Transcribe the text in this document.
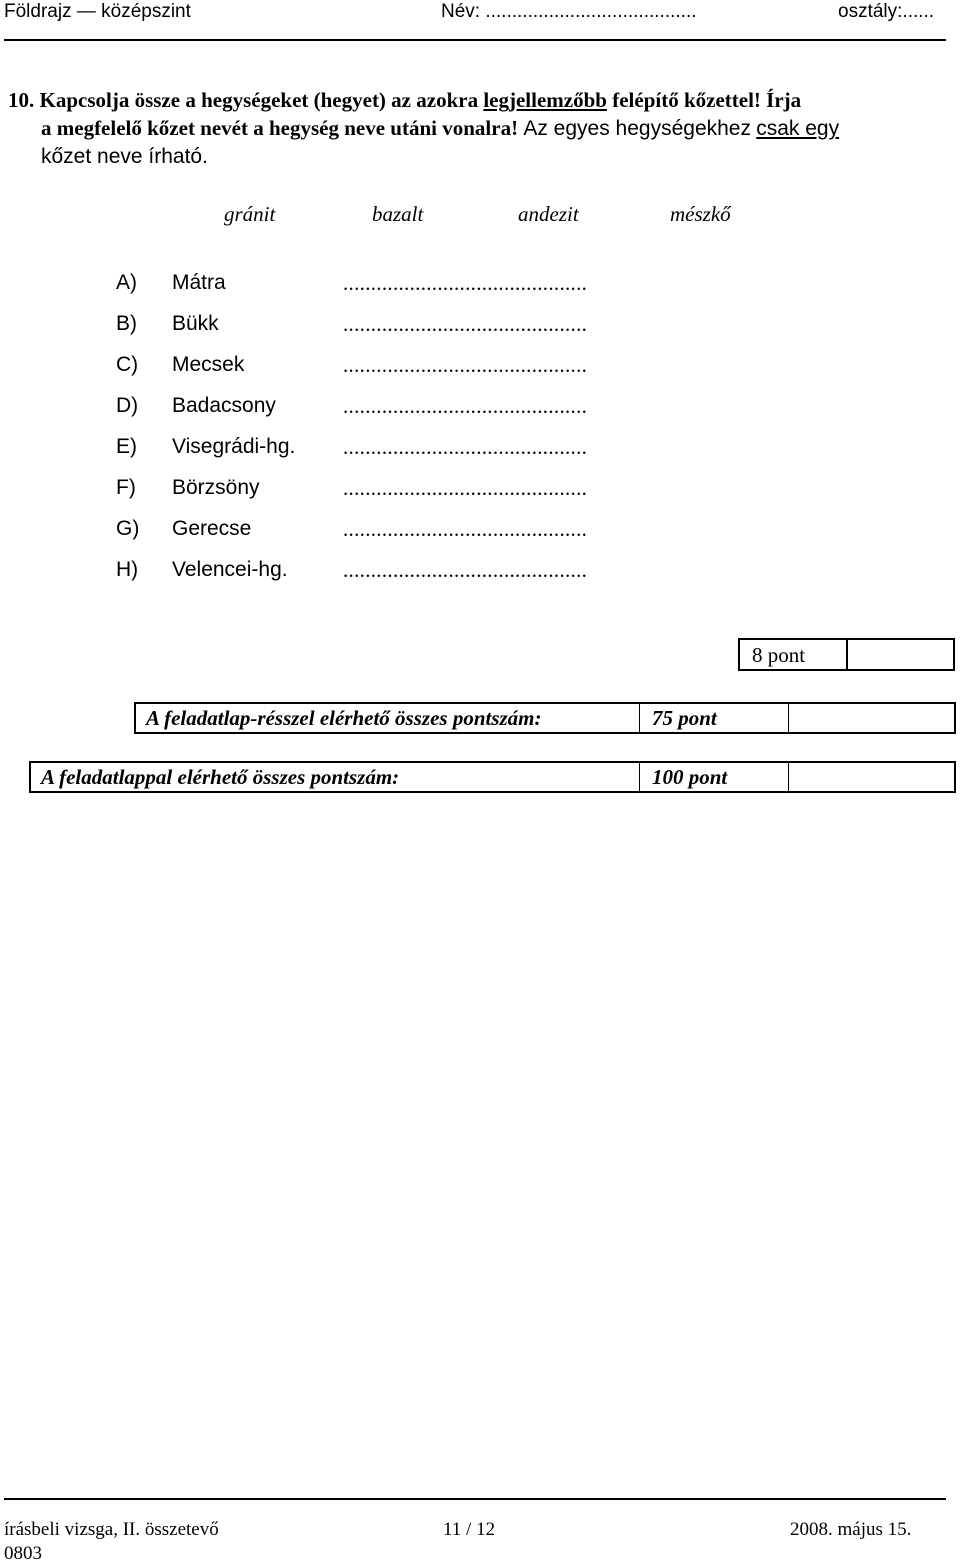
Földrajz — középszint	Név: ........................................	osztály:......

10. Kapcsolja össze a hegységeket (hegyet) az azokra legjellemzőbb felépítő kőzettel! Írja

a megfelelő kőzet nevét a hegység neve utáni vonalra! Az egyes hegységekhez csak egy

kőzet neve írható.

gránit	bazalt	andezit	mészkő
A)	Mátra	............................................
B)	Bükk	............................................
C)	Mecsek	............................................
D)	Badacsony	............................................
E)	Visegrádi-hg. ............................................
F)	Börzsöny	............................................
G)	Gerecse	............................................
H)	Velencei-hg.	............................................
8 pont
A feladatlap-résszel elérhető összes pontszám:	75 pont
A feladatlappal elérhető összes pontszám:	100 pont
írásbeli vizsga, II. összetevő
0803
11 / 12	2008. május 15.
